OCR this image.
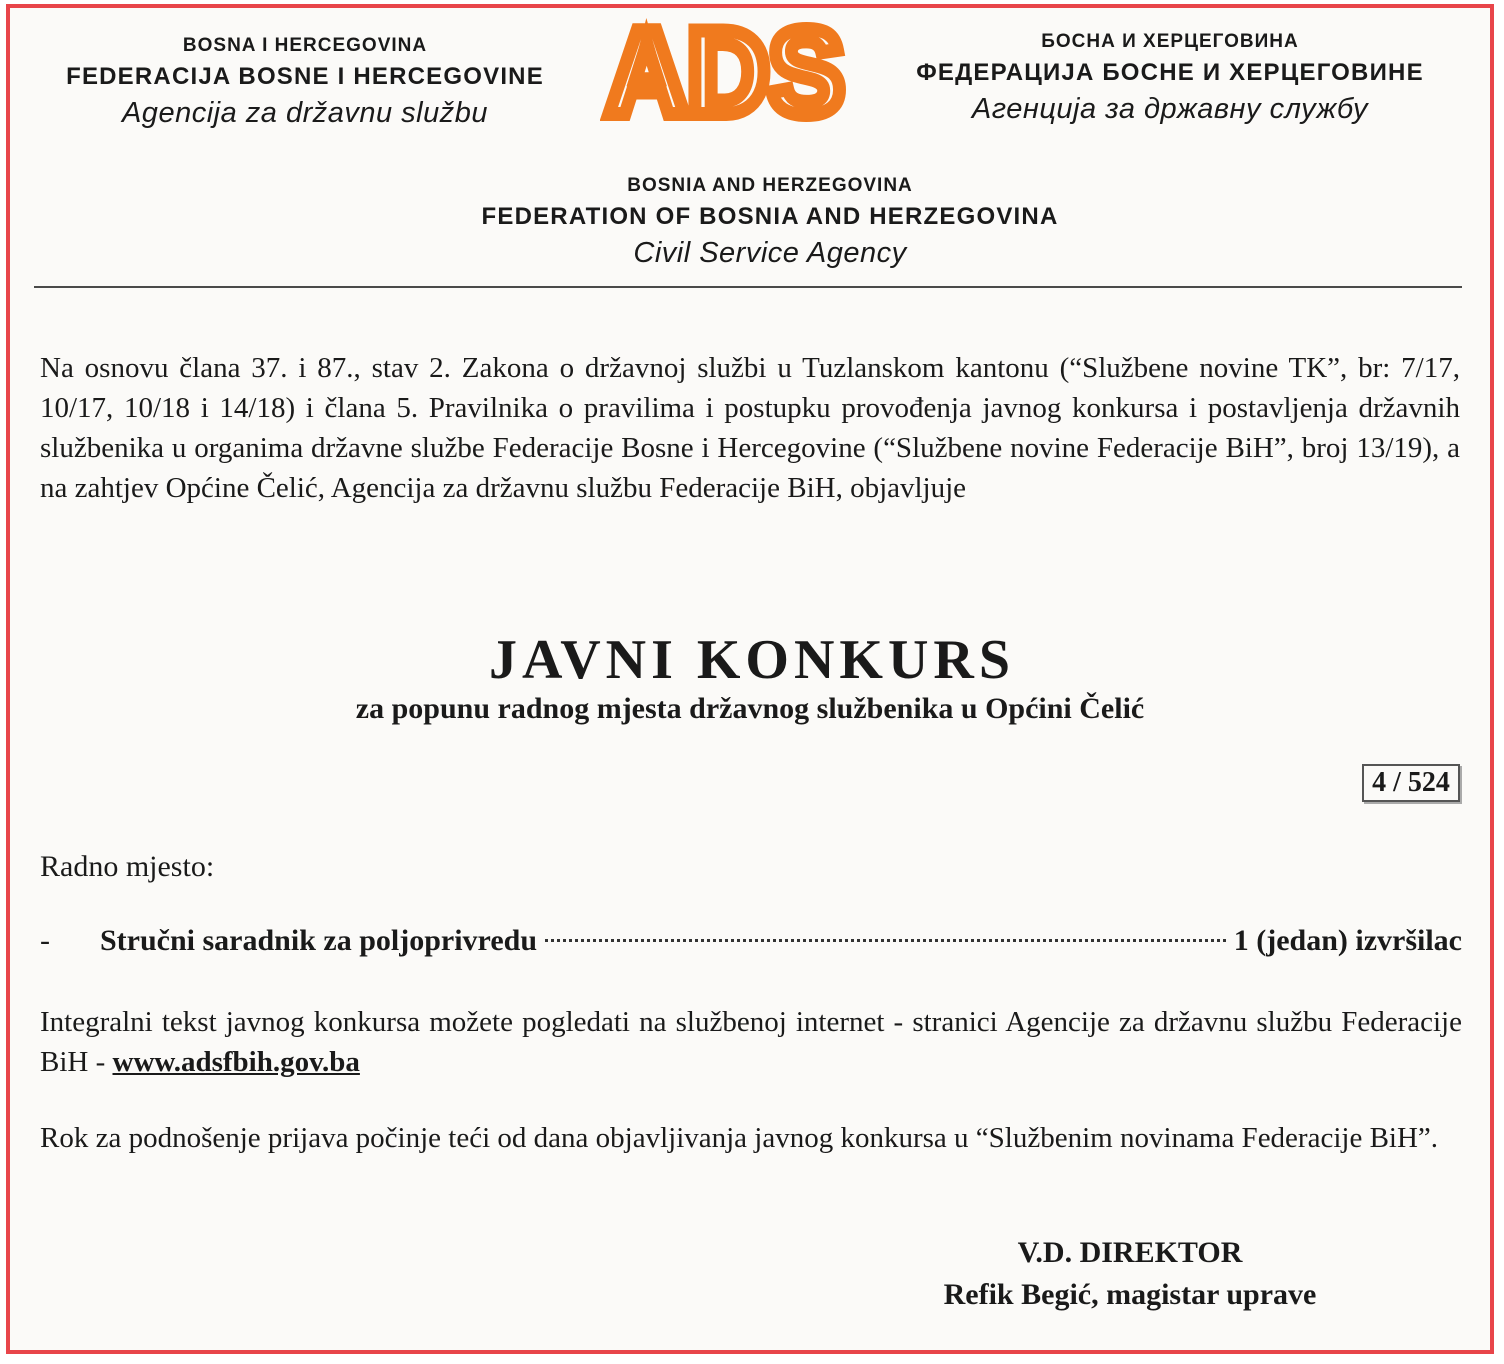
BOSNA I HERCEGOVINA
FEDERACIJA BOSNE I HERCEGOVINE
Agencija za državnu službu ADS	БОСНА И ХЕРЦЕГОВИНА
ФЕДЕРАЦИЈА БОСНЕ И ХЕРЦЕГОВИНЕ
Агенција за државну службу
BOSNIA AND HERZEGOVINA
FEDERATION OF BOSNIA AND HERZEGOVINA
Civil Service Agency
Na osnovu člana 37. i 87., stav 2. Zakona o državnoj službi u Tuzlanskom kantonu (“Službene novine TK”, br: 7/17, 10/17, 10/18 i 14/18) i člana 5. Pravilnika o pravilima i postupku provođenja javnog konkursa i postavljenja državnih službenika u organima državne službe Federacije Bosne i Hercegovine (“Službene novine Federacije BiH”, broj 13/19), a na zahtjev Općine Čelić, Agencija za državnu službu Federacije BiH, objavljuje
JAVNI KONKURS
za popunu radnog mjesta državnog službenika u Općini Čelić
4 / 524
Radno mjesto:
-	Stručni saradnik za poljoprivredu	1 (jedan) izvršilac
Integralni tekst javnog konkursa možete pogledati na službenoj internet - stranici Agencije za državnu službu Federacije BiH - www.adsfbih.gov.ba
Rok za podnošenje prijava počinje teći od dana objavljivanja javnog konkursa u “Službenim novinama Federacije BiH”.
V.D. DIREKTOR
Refik Begić, magistar uprave
